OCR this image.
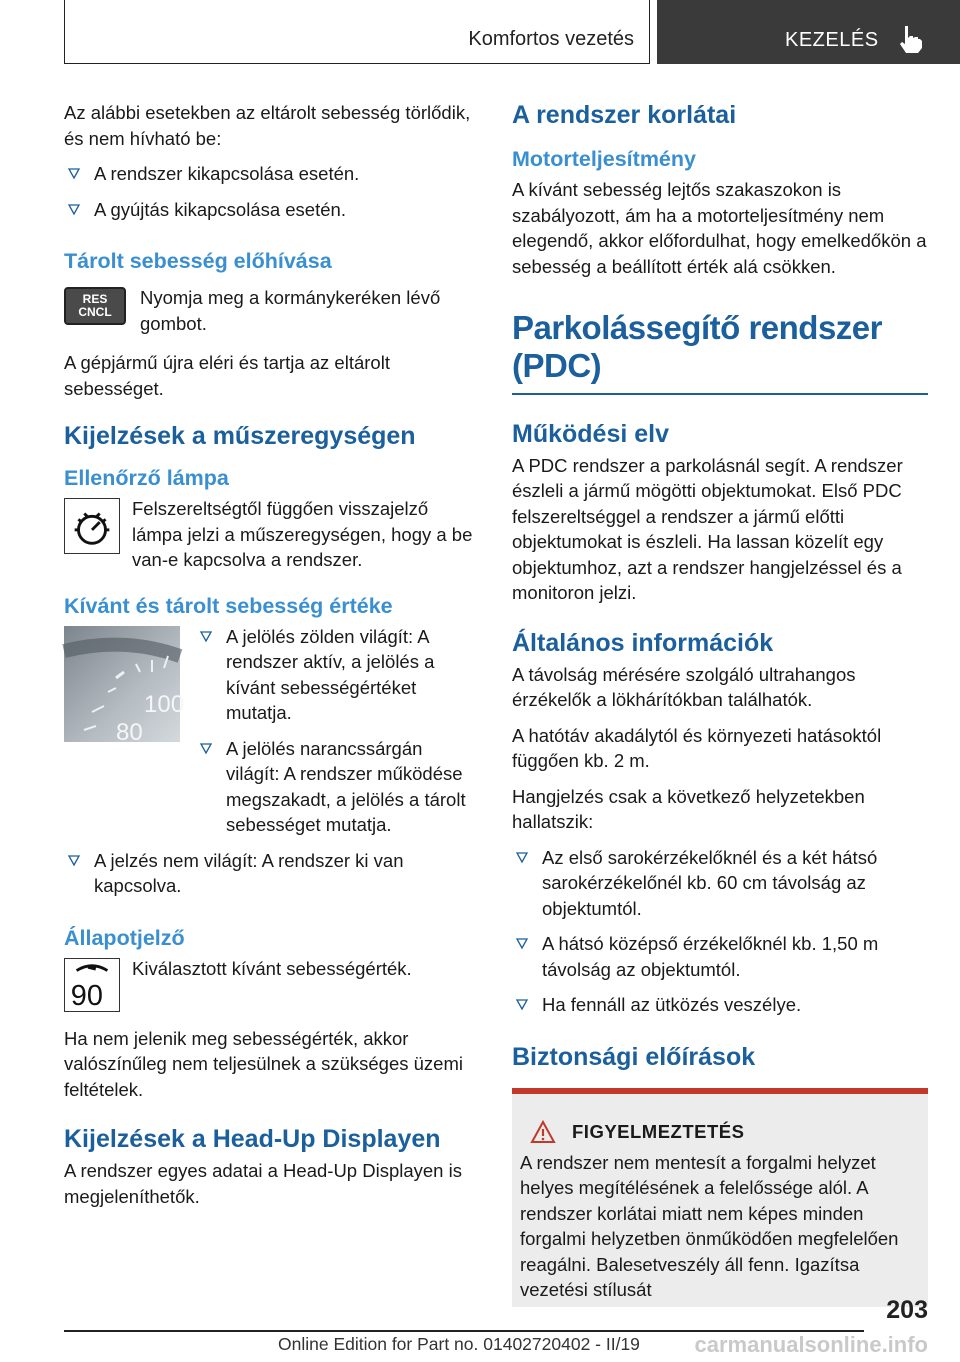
Komfortos vezetés	KEZELÉS

Az alábbi esetekben az eltárolt sebesség törlődik, és nem hívható be:

A rendszer kikapcsolása esetén.
A gyújtás kikapcsolása esetén.
Tárolt sebesség előhívása
RES
CNCL

Nyomja meg a kormánykeréken lévő gombot.

A gépjármű újra eléri és tartja az eltárolt sebességet.

Kijelzések a műszeregységen
Ellenőrző lámpa

Felszereltségtől függően visszajelző lámpa jelzi a műszeregységen, hogy a be van-e kapcsolva a rendszer.

Kívánt és tárolt sebesség értéke
100
80
A jelölés zölden világít: A rendszer aktív, a jelölés a kívánt sebességértéket mutatja.
A jelölés narancssárgán világít: A rendszer működése megszakadt, a jelölés a tárolt sebességet mutatja.
A jelzés nem világít: A rendszer ki van kapcsolva.
Állapotjelző
90

Kiválasztott kívánt sebességérték.

Ha nem jelenik meg sebességérték, akkor valószínűleg nem teljesülnek a szükséges üzemi feltételek.

Kijelzések a Head-Up Displayen

A rendszer egyes adatai a Head-Up Displayen is megjeleníthetők.

A rendszer korlátai
Motorteljesítmény

A kívánt sebesség lejtős szakaszokon is szabályozott, ám ha a motorteljesítmény nem elegendő, akkor előfordulhat, hogy emelkedőkön a sebesség a beállított érték alá csökken.

Parkolássegítő rendszer (PDC)
Működési elv

A PDC rendszer a parkolásnál segít. A rendszer észleli a jármű mögötti objektumokat. Első PDC felszereltséggel a rendszer a jármű előtti objektumokat is észleli. Ha lassan közelít egy objektumhoz, azt a rendszer hangjelzéssel és a monitoron jelzi.

Általános információk

A távolság mérésére szolgáló ultrahangos érzékelők a lökhárítókban találhatók.

A hatótáv akadálytól és környezeti hatásoktól függően kb. 2 m.

Hangjelzés csak a következő helyzetekben hallatszik:

Az első sarokérzékelőknél és a két hátsó sarokérzékelőnél kb. 60 cm távolság az objektumtól.
A hátsó középső érzékelőknél kb. 1,50 m távolság az objektumtól.
Ha fennáll az ütközés veszélye.
Biztonsági előírások
FIGYELMEZTETÉS

A rendszer nem mentesít a forgalmi helyzet helyes megítélésének a felelőssége alól. A rendszer korlátai miatt nem képes minden forgalmi helyzetben önműködően megfelelően reagálni. Balesetveszély áll fenn. Igazítsa vezetési stílusát

203
Online Edition for Part no. 01402720402 - II/19 carmanualsonline.info
